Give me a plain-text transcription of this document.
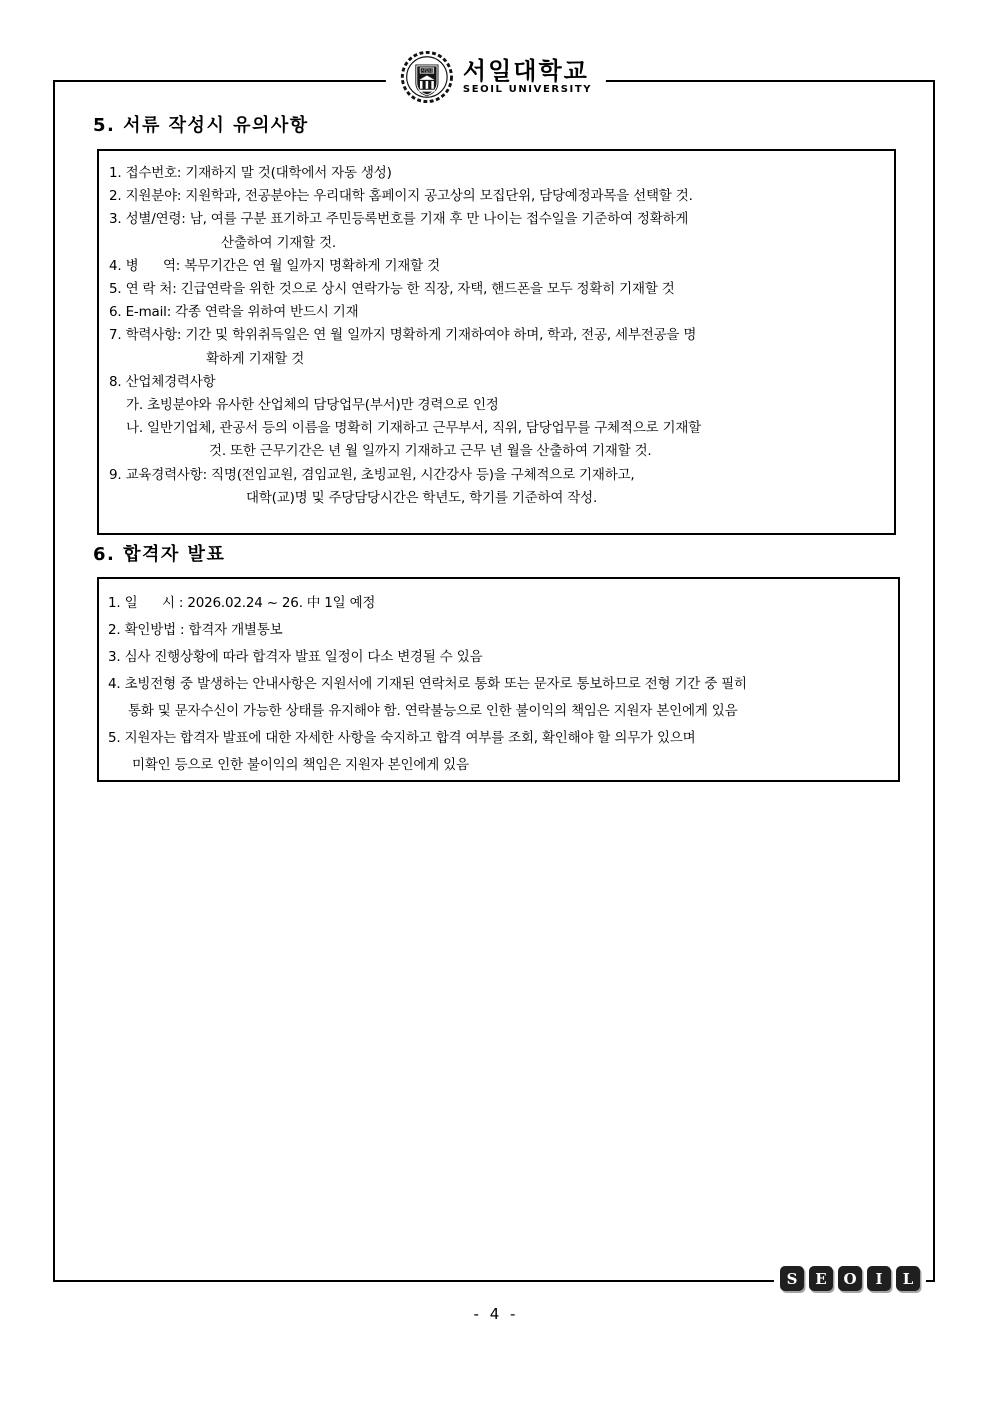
서일대 서일대학교
SEOIL UNIVERSITY
5. 서류 작성시 유의사항
1. 접수번호: 기재하지 말 것(대학에서 자동 생성)
2. 지원분야: 지원학과, 전공분야는 우리대학 홈페이지 공고상의 모집단위, 담당예정과목을 선택할 것.
3. 성별/연령: 남, 여를 구분 표기하고 주민등록번호를 기재 후 만 나이는 접수일을 기준하여 정확하게
산출하여 기재할 것.
4. 병      역: 복무기간은 연 월 일까지 명확하게 기재할 것
5. 연 락 처: 긴급연락을 위한 것으로 상시 연락가능 한 직장, 자택, 핸드폰을 모두 정확히 기재할 것
6. E-mail: 각종 연락을 위하여 반드시 기재
7. 학력사항: 기간 및 학위취득일은 연 월 일까지 명확하게 기재하여야 하며, 학과, 전공, 세부전공을 명
확하게 기재할 것
8. 산업체경력사항
가. 초빙분야와 유사한 산업체의 담당업무(부서)만 경력으로 인정
나. 일반기업체, 관공서 등의 이름을 명확히 기재하고 근무부서, 직위, 담당업무를 구체적으로 기재할
것. 또한 근무기간은 년 월 일까지 기재하고 근무 년 월을 산출하여 기재할 것.
9. 교육경력사항: 직명(전임교원, 겸임교원, 초빙교원, 시간강사 등)을 구체적으로 기재하고,
대학(교)명 및 주당담당시간은 학년도, 학기를 기준하여 작성.
6. 합격자 발표
1. 일      시 : 2026.02.24 ~ 26. 中 1일 예정
2. 확인방법 : 합격자 개별통보
3. 심사 진행상황에 따라 합격자 발표 일정이 다소 변경될 수 있음
4. 초빙전형 중 발생하는 안내사항은 지원서에 기재된 연락처로 통화 또는 문자로 통보하므로 전형 기간 중 필히
통화 및 문자수신이 가능한 상태를 유지해야 함. 연락불능으로 인한 불이익의 책임은 지원자 본인에게 있음
5. 지원자는 합격자 발표에 대한 자세한 사항을 숙지하고 합격 여부를 조회, 확인해야 할 의무가 있으며
미확인 등으로 인한 불이익의 책임은 지원자 본인에게 있음
S	E	O	I	L
- 4 -
